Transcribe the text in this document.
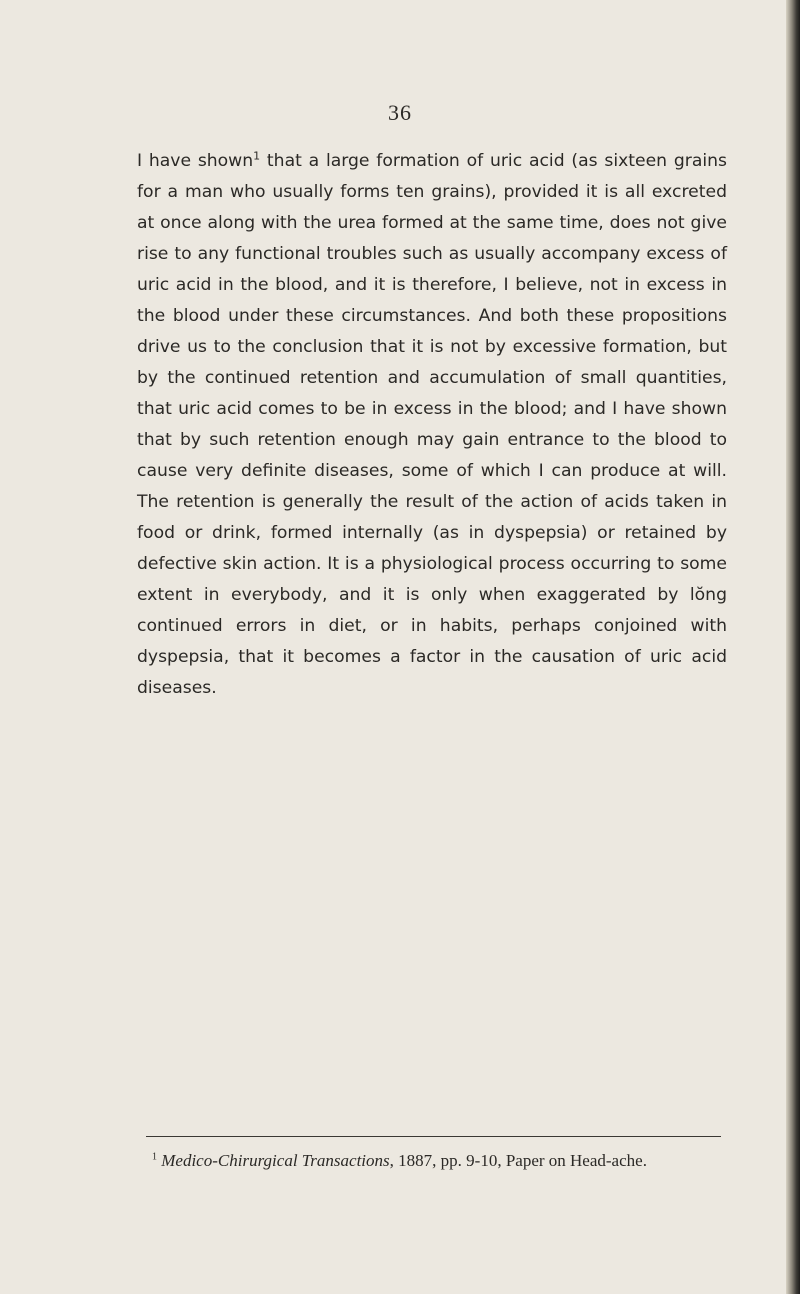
36
I have shown$^1$ that a large formation of uric acid (as sixteen grains for a man who usually forms ten grains), provided it is all excreted at once along with the urea formed at the same time, does not give rise to any functional troubles such as usually accompany excess of uric acid in the blood, and it is therefore, I believe, not in excess in the blood under these circumstances. And both these propositions drive us to the conclusion that it is not by excessive formation, but by the continued retention and accumulation of small quantities, that uric acid comes to be in excess in the blood; and I have shown that by such retention enough may gain entrance to the blood to cause very definite diseases, some of which I can produce at will. The retention is generally the result of the action of acids taken in food or drink, formed internally (as in dyspepsia) or retained by defective skin action. It is a physiological process occurring to some extent in everybody, and it is only when exaggerated by lŏng continued errors in diet, or in habits, perhaps conjoined with dyspepsia, that it becomes a factor in the causation of uric acid diseases.
$^1$ Medico-Chirurgical Transactions, 1887, pp. 9-10, Paper on Head-ache.
